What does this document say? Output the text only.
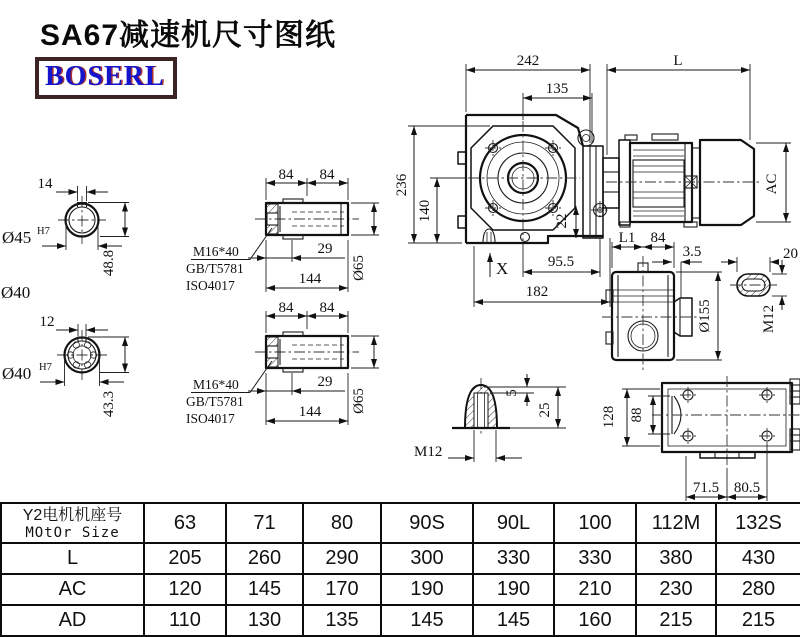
14
Ø45 H7
48.8
Ø40
12
Ø40 H7
43.3
84 84
29
144 Ø65
M16*40
GB/T5781
ISO4017
84 84
29
144 Ø65
M16*40
GB/T5781
ISO4017
242	L
135
236
140	22
95.5
182
X
AC
L1 84
3.5
Ø155
20
M12
5
25
M12
128 88
71.5 80.5
SA67减速机尺寸图纸
BOSERL
Y2电机机座号
MOtOr Size	63	71	80	90S	90L	100	112M	132S
L	205	260	290	300	330	330	380	430
AC	120	145	170	190	190	210	230	280
AD	110	130	135	145	145	160	215	215
